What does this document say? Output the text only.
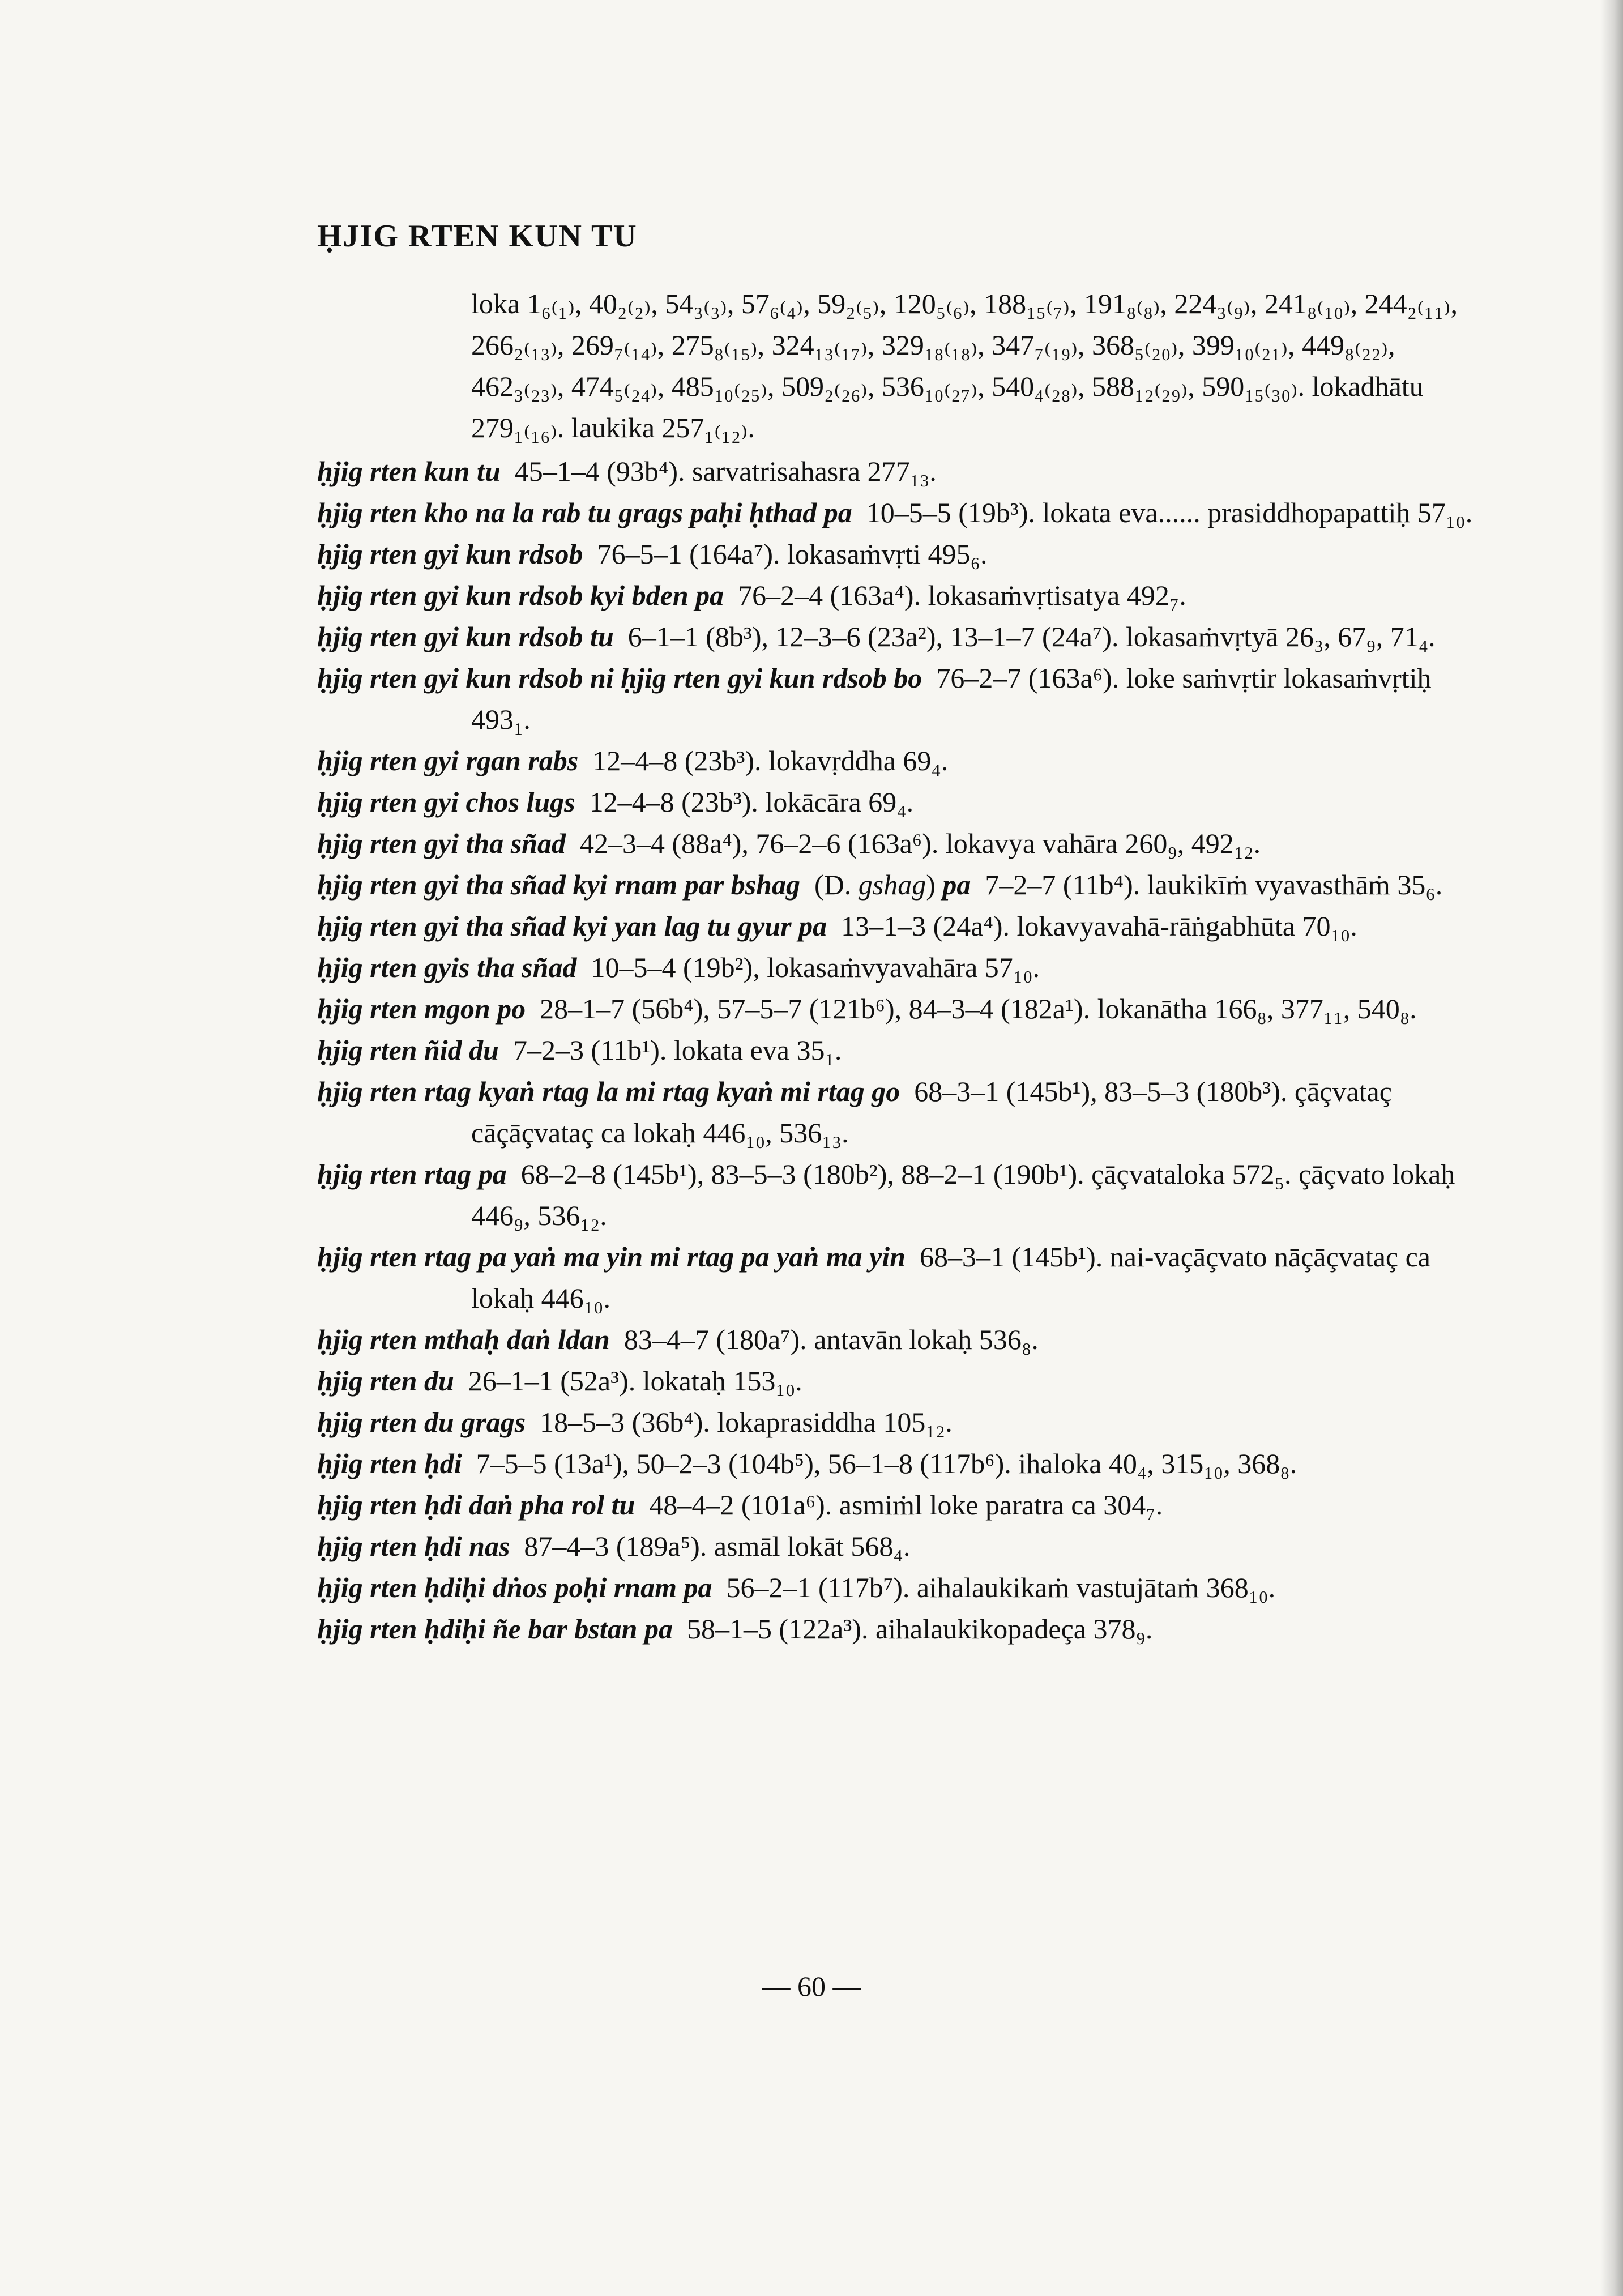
ḤJIG RTEN KUN TU

loka 1₆₍₁₎, 40₂₍₂₎, 54₃₍₃₎, 57₆₍₄₎, 59₂₍₅₎, 120₅₍₆₎, 188₁₅₍₇₎, 191₈₍₈₎, 224₃₍₉₎, 241₈₍₁₀₎, 244₂₍₁₁₎, 266₂₍₁₃₎, 269₇₍₁₄₎, 275₈₍₁₅₎, 324₁₃₍₁₇₎, 329₁₈₍₁₈₎, 347₇₍₁₉₎, 368₅₍₂₀₎, 399₁₀₍₂₁₎, 449₈₍₂₂₎, 462₃₍₂₃₎, 474₅₍₂₄₎, 485₁₀₍₂₅₎, 509₂₍₂₆₎, 536₁₀₍₂₇₎, 540₄₍₂₈₎, 588₁₂₍₂₉₎, 590₁₅₍₃₀₎. lokadhātu 279₁₍₁₆₎. laukika 257₁₍₁₂₎.

ḥjig rten kun tu 45–1–4 (93b⁴). sarvatrisahasra 277₁₃.

ḥjig rten kho na la rab tu grags paḥi ḥthad pa 10–5–5 (19b³). lokata eva...... prasiddhopapattiḥ 57₁₀.

ḥjig rten gyi kun rdsob 76–5–1 (164a⁷). lokasaṁvṛti 495₆.

ḥjig rten gyi kun rdsob kyi bden pa 76–2–4 (163a⁴). lokasaṁvṛtisatya 492₇.

ḥjig rten gyi kun rdsob tu 6–1–1 (8b³), 12–3–6 (23a²), 13–1–7 (24a⁷). lokasaṁvṛtyā 26₃, 67₉, 71₄.

ḥjig rten gyi kun rdsob ni ḥjig rten gyi kun rdsob bo 76–2–7 (163a⁶). loke saṁvṛtir lokasaṁvṛtiḥ 493₁.

ḥjig rten gyi rgan rabs 12–4–8 (23b³). lokavṛddha 69₄.

ḥjig rten gyi chos lugs 12–4–8 (23b³). lokācāra 69₄.

ḥjig rten gyi tha sñad 42–3–4 (88a⁴), 76–2–6 (163a⁶). lokavya vahāra 260₉, 492₁₂.

ḥjig rten gyi tha sñad kyi rnam par bshag (D. gshag) pa 7–2–7 (11b⁴). laukikīṁ vyavasthāṁ 35₆.

ḥjig rten gyi tha sñad kyi yan lag tu gyur pa 13–1–3 (24a⁴). lokavyavahā-rāṅgabhūta 70₁₀.

ḥjig rten gyis tha sñad 10–5–4 (19b²), lokasaṁvyavahāra 57₁₀.

ḥjig rten mgon po 28–1–7 (56b⁴), 57–5–7 (121b⁶), 84–3–4 (182a¹). lokanātha 166₈, 377₁₁, 540₈.

ḥjig rten ñid du 7–2–3 (11b¹). lokata eva 35₁.

ḥjig rten rtag kyaṅ rtag la mi rtag kyaṅ mi rtag go 68–3–1 (145b¹), 83–5–3 (180b³). çāçvataç cāçāçvataç ca lokaḥ 446₁₀, 536₁₃.

ḥjig rten rtag pa 68–2–8 (145b¹), 83–5–3 (180b²), 88–2–1 (190b¹). çāçvataloka 572₅. çāçvato lokaḥ 446₉, 536₁₂.

ḥjig rten rtag pa yaṅ ma yin mi rtag pa yaṅ ma yin 68–3–1 (145b¹). nai-vaçāçvato nāçāçvataç ca lokaḥ 446₁₀.

ḥjig rten mthaḥ daṅ ldan 83–4–7 (180a⁷). antavān lokaḥ 536₈.

ḥjig rten du 26–1–1 (52a³). lokataḥ 153₁₀.

ḥjig rten du grags 18–5–3 (36b⁴). lokaprasiddha 105₁₂.

ḥjig rten ḥdi 7–5–5 (13a¹), 50–2–3 (104b⁵), 56–1–8 (117b⁶). ihaloka 40₄, 315₁₀, 368₈.

ḥjig rten ḥdi daṅ pha rol tu 48–4–2 (101a⁶). asmiṁl loke paratra ca 304₇.

ḥjig rten ḥdi nas 87–4–3 (189a⁵). asmāl lokāt 568₄.

ḥjig rten ḥdiḥi dṅos poḥi rnam pa 56–2–1 (117b⁷). aihalaukikaṁ vastujātaṁ 368₁₀.

ḥjig rten ḥdiḥi ñe bar bstan pa 58–1–5 (122a³). aihalaukikopadeça 378₉.

— 60 —
